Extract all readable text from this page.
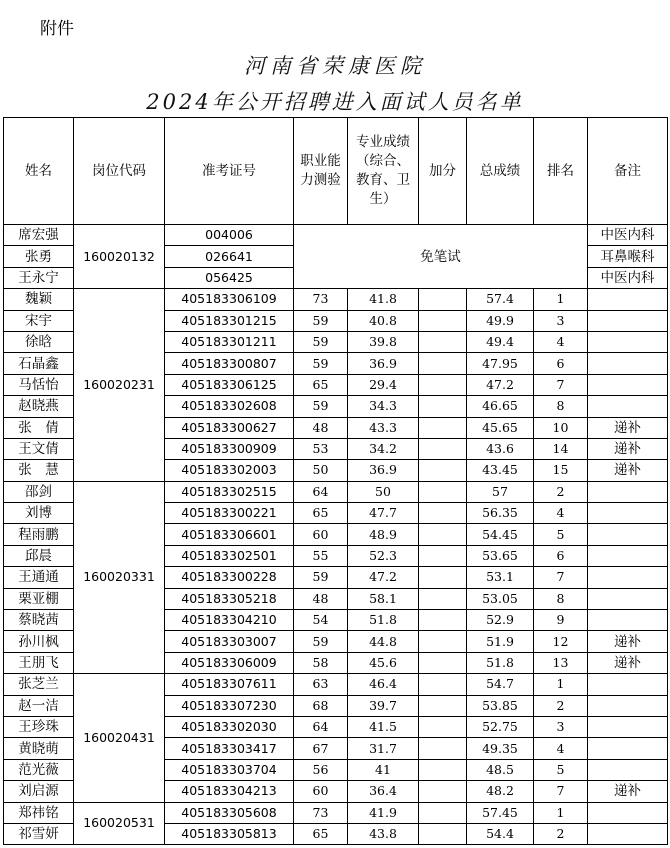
附件
河南省荣康医院
2024年公开招聘进入面试人员名单
姓名	岗位代码	准考证号	职业能力测验	专业成绩（综合、教育、卫生）	加分	总成绩	排名	备注
席宏强	160020132	004006	免笔试					中医内科
张勇		026641						耳鼻喉科
王永宁		056425						中医内科
魏颖	160020231	405183306109	73	41.8		57.4	1	
宋宇		405183301215	59	40.8		49.9	3	
徐晗		405183301211	59	39.8		49.4	4	
石晶鑫		405183300807	59	36.9		47.95	6	
马恬怡		405183306125	65	29.4		47.2	7	
赵晓燕		405183302608	59	34.3		46.65	8	
张　倩		405183300627	48	43.3		45.65	10	递补
王文倩		405183300909	53	34.2		43.6	14	递补
张　慧		405183302003	50	36.9		43.45	15	递补
邵剑	160020331	405183302515	64	50		57	2	
刘博		405183300221	65	47.7		56.35	4	
程雨鹏		405183306601	60	48.9		54.45	5	
邱晨		405183302501	55	52.3		53.65	6	
王通通		405183300228	59	47.2		53.1	7	
栗亚棚		405183305218	48	58.1		53.05	8	
蔡晓茜		405183304210	54	51.8		52.9	9	
孙川枫		405183303007	59	44.8		51.9	12	递补
王朋飞		405183306009	58	45.6		51.8	13	递补
张芝兰	160020431	405183307611	63	46.4		54.7	1	
赵一洁		405183307230	68	39.7		53.85	2	
王珍珠		405183302030	64	41.5		52.75	3	
黄晓萌		405183303417	67	31.7		49.35	4	
范光薇		405183303704	56	41		48.5	5	
刘启源		405183304213	60	36.4		48.2	7	递补
郑祎铭	160020531	405183305608	73	41.9		57.45	1	
祁雪妍		405183305813	65	43.8		54.4	2	
